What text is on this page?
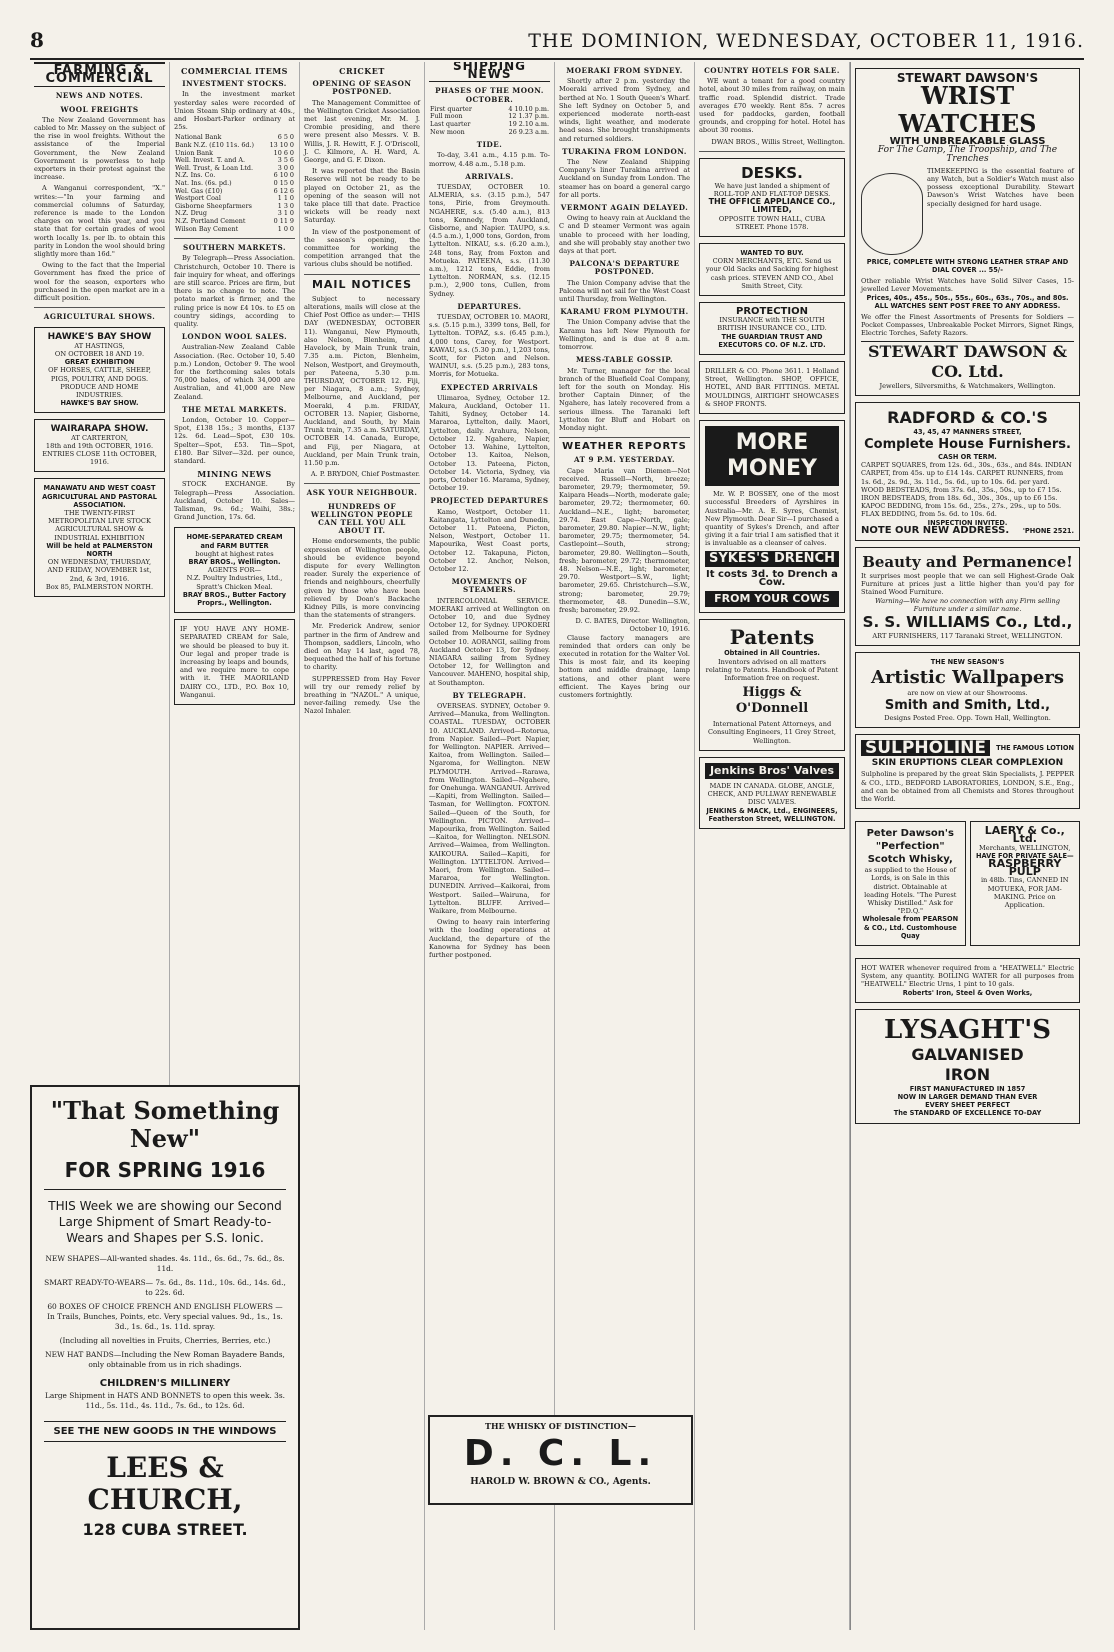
8	THE DOMINION, WEDNESDAY, OCTOBER 11, 1916.
FARMING & COMMERCIAL
NEWS AND NOTES.
WOOL FREIGHTS

The New Zealand Government has cabled to Mr. Massey on the subject of the rise in wool freights. Without the assistance of the Imperial Government, the New Zealand Government is powerless to help exporters in their protest against the increase.

A Wanganui correspondent, "X." writes:—"In your farming and commercial columns of Saturday, reference is made to the London charges on wool this year, and you state that for certain grades of wool worth locally 1s. per lb. to obtain this parity in London the wool should bring slightly more than 16d."

Owing to the fact that the Imperial Government has fixed the price of wool for the season, exporters who purchased in the open market are in a difficult position.

AGRICULTURAL SHOWS.
HAWKE'S BAY SHOW
AT HASTINGS,
ON OCTOBER 18 AND 19.
GREAT EXHIBITION
OF HORSES, CATTLE, SHEEP, PIGS, POULTRY, AND DOGS.
PRODUCE AND HOME INDUSTRIES.
HAWKE'S BAY SHOW.
WAIRARAPA SHOW.
AT CARTERTON,
18th and 19th OCTOBER, 1916.
ENTRIES CLOSE 11th OCTOBER, 1916.
MANAWATU AND WEST COAST AGRICULTURAL AND PASTORAL ASSOCIATION.
THE TWENTY-FIRST METROPOLITAN LIVE STOCK AGRICULTURAL SHOW & INDUSTRIAL EXHIBITION
Will be held at PALMERSTON NORTH
ON WEDNESDAY, THURSDAY, AND FRIDAY, NOVEMBER 1st, 2nd, & 3rd, 1916.
Box 85, PALMERSTON NORTH.
COMMERCIAL ITEMS
INVESTMENT STOCKS.

In the investment market yesterday sales were recorded of Union Steam Ship ordinary at 40s., and Hosbart-Parker ordinary at 25s.

National Bank	6 5 0
Bank N.Z. (£10 11s. 6d.)	13 10 0
Union Bank	10 6 0
Well. Invest. T. and A.	3 5 6
Well. Trust, & Loan Ltd.	3 0 0
N.Z. Ins. Co.	6 10 0
Nat. Ins. (6s. pd.)	0 15 0
Wel. Gas (£10)	6 12 6
Westport Coal	1 1 0
Gisborne Sheepfarmers	1 3 0
N.Z. Drug	3 1 0
N.Z. Portland Cement	0 11 9
Wilson Bay Cement	1 0 0
SOUTHERN MARKETS.

By Telegraph—Press Association. Christchurch, October 10. There is fair inquiry for wheat, and offerings are still scarce. Prices are firm, but there is no change to note. The potato market is firmer, and the ruling price is now £4 10s. to £5 on country sidings, according to quality.

LONDON WOOL SALES.

Australian-New Zealand Cable Association. (Rec. October 10, 5.40 p.m.) London, October 9. The wool for the forthcoming sales totals 76,000 bales, of which 34,000 are Australian, and 41,000 are New Zealand.

THE METAL MARKETS.

London, October 10. Copper—Spot, £138 15s.; 3 months, £137 12s. 6d. Lead—Spot, £30 10s. Spelter—Spot, £53. Tin—Spot, £180. Bar Silver—32d. per ounce, standard.

MINING NEWS

STOCK EXCHANGE. By Telegraph—Press Association. Auckland, October 10. Sales—Talisman, 9s. 6d.; Waihi, 38s.; Grand Junction, 17s. 6d.

HOME-SEPARATED CREAM and FARM BUTTER
bought at highest rates
BRAY BROS., Wellington.
AGENTS FOR—
N.Z. Poultry Industries, Ltd., Spratt's Chicken Meal.
BRAY BROS., Butter Factory Proprs., Wellington.
IF YOU HAVE ANY HOME-SEPARATED CREAM for Sale, we should be pleased to buy it. Our legal and proper trade is increasing by leaps and bounds, and we require more to cope with it. THE MAORILAND DAIRY CO., LTD., P.O. Box 10, Wanganui.
"That Something New"
FOR SPRING 1916
THIS Week we are showing our Second Large Shipment of Smart Ready-to-Wears and Shapes per S.S. Ionic.
NEW SHAPES—All-wanted shades. 4s. 11d., 6s. 6d., 7s. 6d., 8s. 11d.
SMART READY-TO-WEARS— 7s. 6d., 8s. 11d., 10s. 6d., 14s. 6d., to 22s. 6d.
60 BOXES OF CHOICE FRENCH AND ENGLISH FLOWERS —In Trails, Bunches, Points, etc. Very special values. 9d., 1s., 1s. 3d., 1s. 6d., 1s. 11d. spray.
(Including all novelties in Fruits, Cherries, Berries, etc.)
NEW HAT BANDS—Including the New Roman Bayadere Bands, only obtainable from us in rich shadings.
CHILDREN'S MILLINERY
Large Shipment in HATS AND BONNETS to open this week. 3s. 11d., 5s. 11d., 4s. 11d., 7s. 6d., to 12s. 6d.
SEE THE NEW GOODS IN THE WINDOWS
LEES & CHURCH,
128 CUBA STREET.
CRICKET
OPENING OF SEASON POSTPONED.

The Management Committee of the Wellington Cricket Association met last evening, Mr. M. J. Crombie presiding, and there were present also Messrs. V. B. Willis, J. R. Hewitt, F. J. O'Driscoll, J. C. Kilmore, A. H. Ward, A. George, and G. F. Dixon.

It was reported that the Basin Reserve will not be ready to be played on October 21, as the opening of the season will not take place till that date. Practice wickets will be ready next Saturday.

In view of the postponement of the season's opening, the committee for working the competition arranged that the various clubs should be notified.

MAIL NOTICES

Subject to necessary alterations, mails will close at the Chief Post Office as under:— THIS DAY (WEDNESDAY, OCTOBER 11). Wanganui, New Plymouth, also Nelson, Blenheim, and Havelock, by Main Trunk train, 7.35 a.m. Picton, Blenheim, Nelson, Westport, and Greymouth, per Pateena, 5.30 p.m. THURSDAY, OCTOBER 12. Fiji, per Niagara, 8 a.m.; Sydney, Melbourne, and Auckland, per Moeraki, 4 p.m. FRIDAY, OCTOBER 13. Napier, Gisborne, Auckland, and South, by Main Trunk train, 7.35 a.m. SATURDAY, OCTOBER 14. Canada, Europe, and Fiji, per Niagara, at Auckland, per Main Trunk train, 11.50 p.m.

A. P. BRYDON, Chief Postmaster.
ASK YOUR NEIGHBOUR.
HUNDREDS OF WELLINGTON PEOPLE CAN TELL YOU ALL ABOUT IT.

Home endorsements, the public expression of Wellington people, should be evidence beyond dispute for every Wellington reader. Surely the experience of friends and neighbours, cheerfully given by those who have been relieved by Doan's Backache Kidney Pills, is more convincing than the statements of strangers.

Mr. Frederick Andrew, senior partner in the firm of Andrew and Thompson, saddlers, Lincoln, who died on May 14 last, aged 78, bequeathed the half of his fortune to charity.

SUPPRESSED from Hay Fever will try our remedy relief by breathing in "NAZOL." A unique, never-failing remedy. Use the Nazol Inhaler.

SHIPPING NEWS
PHASES OF THE MOON. OCTOBER.
First quarter	4 10.10 p.m.
Full moon	12 1.37 p.m.
Last quarter	19 2.10 a.m.
New moon	26 9.23 a.m.
TIDE.

To-day, 3.41 a.m., 4.15 p.m. To-morrow, 4.48 a.m., 5.18 p.m.

ARRIVALS.

TUESDAY, OCTOBER 10. ALMERIA, s.s. (3.15 p.m.), 547 tons, Pirie, from Greymouth. NGAHERE, s.s. (5.40 a.m.), 813 tons, Kennedy, from Auckland, Gisborne, and Napier. TAUPO, s.s. (4.5 a.m.), 1,000 tons, Gordon, from Lyttelton. NIKAU, s.s. (6.20 a.m.), 248 tons, Ray, from Foxton and Motueka. PATEENA, s.s. (11.30 a.m.), 1212 tons, Eddie, from Lyttelton. NORMAN, s.s. (12.15 p.m.), 2,900 tons, Cullen, from Sydney.

DEPARTURES.

TUESDAY, OCTOBER 10. MAORI, s.s. (5.15 p.m.), 3399 tons, Bell, for Lyttelton. TOPAZ, s.s. (6.45 p.m.), 4,000 tons, Carey, for Westport. KAWAU, s.s. (5.30 p.m.), 1,203 tons, Scott, for Picton and Nelson. WAINUI, s.s. (5.25 p.m.), 283 tons, Morris, for Motueka.

EXPECTED ARRIVALS

Ulimaroa, Sydney, October 12. Makura, Auckland, October 11. Tahiti, Sydney, October 14. Mararoa, Lyttelton, daily. Maori, Lyttelton, daily. Arahura, Nelson, October 12. Ngahere, Napier, October 13. Wahine, Lyttelton, October 13. Kaitoa, Nelson, October 13. Pateena, Picton, October 14. Victoria, Sydney, via ports, October 16. Marama, Sydney, October 19.

PROJECTED DEPARTURES

Kamo, Westport, October 11. Kaitangata, Lyttelton and Dunedin, October 11. Pateena, Picton, Nelson, Westport, October 11. Mapourika, West Coast ports, October 12. Takapuna, Picton, October 12. Anchor, Nelson, October 12.

MOVEMENTS OF STEAMERS.

INTERCOLONIAL SERVICE. MOERAKI arrived at Wellington on October 10, and due Sydney October 12, for Sydney. UPOKOERI sailed from Melbourne for Sydney October 10. AORANGI, sailing from Auckland October 13, for Sydney. NIAGARA sailing from Sydney October 12, for Wellington and Vancouver. MAHENO, hospital ship, at Southampton.

BY TELEGRAPH.

OVERSEAS. SYDNEY, October 9. Arrived—Manuka, from Wellington. COASTAL. TUESDAY, OCTOBER 10. AUCKLAND. Arrived—Rotorua, from Napier. Sailed—Port Napier, for Wellington. NAPIER. Arrived—Kaitoa, from Wellington. Sailed—Ngaroma, for Wellington. NEW PLYMOUTH. Arrived—Rarawa, from Wellington. Sailed—Ngahere, for Onehunga. WANGANUI. Arrived—Kapiti, from Wellington. Sailed—Tasman, for Wellington. FOXTON. Sailed—Queen of the South, for Wellington. PICTON. Arrived—Mapourika, from Wellington. Sailed—Kaitoa, for Wellington. NELSON. Arrived—Waimea, from Wellington. KAIKOURA. Sailed—Kapiti, for Wellington. LYTTELTON. Arrived—Maori, from Wellington. Sailed—Mararoa, for Wellington. DUNEDIN. Arrived—Kaikorai, from Westport. Sailed—Wairuna, for Lyttelton. BLUFF. Arrived—Waikare, from Melbourne.

Owing to heavy rain interfering with the loading operations at Auckland, the departure of the Kanowna for Sydney has been further postponed.

MOERAKI FROM SYDNEY.

Shortly after 2 p.m. yesterday the Moeraki arrived from Sydney, and berthed at No. 1 South Queen's Wharf. She left Sydney on October 5, and experienced moderate north-east winds, light weather, and moderate head seas. She brought transhipments and returned soldiers.

TURAKINA FROM LONDON.

The New Zealand Shipping Company's liner Turakina arrived at Auckland on Sunday from London. The steamer has on board a general cargo for all ports.

VERMONT AGAIN DELAYED.

Owing to heavy rain at Auckland the C and D steamer Vermont was again unable to proceed with her loading, and she will probably stay another two days at that port.

PALCONA'S DEPARTURE POSTPONED.

The Union Company advise that the Palcona will not sail for the West Coast until Thursday, from Wellington.

KARAMU FROM PLYMOUTH.

The Union Company advise that the Karamu has left New Plymouth for Wellington, and is due at 8 a.m. tomorrow.

MESS-TABLE GOSSIP.

Mr. Turner, manager for the local branch of the Bluefield Coal Company, left for the south on Monday. His brother Captain Dinner, of the Ngahere, has lately recovered from a serious illness. The Taranaki left Lyttelton for Bluff and Hobart on Monday night.

WEATHER REPORTS
AT 9 P.M. YESTERDAY.

Cape Maria van Diemen—Not received. Russell—North, breeze; barometer, 29.79; thermometer, 59. Kaipara Heads—North, moderate gale; barometer, 29.72; thermometer, 60. Auckland—N.E., light; barometer, 29.74. East Cape—North, gale; barometer, 29.80. Napier—N.W., light; barometer, 29.75; thermometer, 54. Castlepoint—South, strong; barometer, 29.80. Wellington—South, fresh; barometer, 29.72; thermometer, 48. Nelson—N.E., light; barometer, 29.70. Westport—S.W., light; barometer, 29.65. Christchurch—S.W., strong; barometer, 29.79; thermometer, 48. Dunedin—S.W., fresh; barometer, 29.92.

D. C. BATES, Director. Wellington, October 10, 1916.

Clause factory managers are reminded that orders can only be executed in rotation for the Walter Vol. This is most fair, and its keeping bottom and middle drainage, lamp stations, and other plant were efficient. The Kayes bring our customers fortnightly.

THE WHISKY OF DISTINCTION—
D. C. L.
HAROLD W. BROWN & CO., Agents.
COUNTRY HOTELS FOR SALE.

WE want a tenant for a good country hotel, about 30 miles from railway, on main traffic road. Splendid district. Trade averages £70 weekly. Rent 85s. 7 acres used for paddocks, garden, football grounds, and cropping for hotel. Hotel has about 30 rooms.

DWAN BROS., Willis Street, Wellington.
DESKS.
We have just landed a shipment of ROLL-TOP AND FLAT-TOP DESKS.
THE OFFICE APPLIANCE CO., LIMITED,
OPPOSITE TOWN HALL, CUBA STREET. Phone 1578.
WANTED TO BUY.
CORN MERCHANTS, ETC. Send us your Old Sacks and Sacking for highest cash prices. STEVEN AND CO., Abel Smith Street, City.
PROTECTION
INSURANCE with THE SOUTH BRITISH INSURANCE CO., LTD.
THE GUARDIAN TRUST AND EXECUTORS CO. OF N.Z. LTD.
DRILLER & CO. Phone 3611. 1 Holland Street, Wellington. SHOP, OFFICE, HOTEL, AND BAR FITTINGS. METAL MOULDINGS, AIRTIGHT SHOWCASES & SHOP FRONTS.
MORE MONEY

Mr. W. P. BOSSEY, one of the most successful Breeders of Ayrshires in Australia—Mr. A. E. Syres, Chemist, New Plymouth. Dear Sir—I purchased a quantity of Sykes's Drench, and after giving it a fair trial I am satisfied that it is invaluable as a cleanser of calves.

SYKES'S DRENCH
It costs 3d. to Drench a Cow.
FROM YOUR COWS
Patents
Obtained in All Countries.
Inventors advised on all matters relating to Patents. Handbook of Patent Information free on request.
Higgs & O'Donnell
International Patent Attorneys, and Consulting Engineers, 11 Grey Street, Wellington.
Jenkins Bros' Valves
MADE IN CANADA. GLOBE, ANGLE, CHECK, AND PULLWAY RENEWABLE DISC VALVES.
JENKINS & MACK, Ltd., ENGINEERS, Featherston Street, WELLINGTON.
STEWART DAWSON'S
WRIST WATCHES
WITH UNBREAKABLE GLASS
For The Camp, The Troopship, and The Trenches
TIMEKEEPING is the essential feature of any Watch, but a Soldier's Watch must also possess exceptional Durability. Stewart Dawson's Wrist Watches have been specially designed for hard usage.
PRICE, COMPLETE WITH STRONG LEATHER STRAP AND DIAL COVER ... 55/-
Other reliable Wrist Watches have Solid Silver Cases, 15-jewelled Lever Movements.
Prices, 40s., 45s., 50s., 55s., 60s., 63s., 70s., and 80s.
ALL WATCHES SENT POST FREE TO ANY ADDRESS.
We offer the Finest Assortments of Presents for Soldiers — Pocket Compasses, Unbreakable Pocket Mirrors, Signet Rings, Electric Torches, Safety Razors.
STEWART DAWSON & CO. Ltd.
Jewellers, Silversmiths, & Watchmakers, Wellington.
RADFORD & CO.'S
43, 45, 47 MANNERS STREET,
Complete House Furnishers.
CASH OR TERM.
CARPET SQUARES, from 12s. 6d., 30s., 63s., and 84s. INDIAN CARPET, from 45s. up to £14 14s. CARPET RUNNERS, from 1s. 6d., 2s. 9d., 3s. 11d., 5s. 6d., up to 10s. 6d. per yard. WOOD BEDSTEADS, from 37s. 6d., 35s., 50s., up to £7 15s. IRON BEDSTEADS, from 18s. 6d., 30s., 30s., up to £6 15s. KAPOC BEDDING, from 15s. 6d., 25s., 27s., 29s., up to 50s. FLAX BEDDING, from 5s. 6d. to 10s. 6d.
INSPECTION INVITED.
NOTE OUR NEW ADDRESS. 'PHONE 2521.
Beauty and Permanence!
It surprises most people that we can sell Highest-Grade Oak Furniture at prices just a little higher than you'd pay for Stained Wood Furniture.
Warning—We have no connection with any Firm selling Furniture under a similar name.
S. S. WILLIAMS Co., Ltd.,
ART FURNISHERS, 117 Taranaki Street, WELLINGTON.
THE NEW SEASON'S
Artistic Wallpapers
are now on view at our Showrooms.
Smith and Smith, Ltd.,
Designs Posted Free. Opp. Town Hall, Wellington.
SULPHOLINE	THE FAMOUS LOTION
SKIN ERUPTIONS CLEAR COMPLEXION
Sulpholine is prepared by the great Skin Specialists, J. PEPPER & CO., LTD., BEDFORD LABORATORIES, LONDON, S.E., Eng., and can be obtained from all Chemists and Stores throughout the World.
Peter Dawson's "Perfection" Scotch Whisky,
as supplied to the House of Lords, is on Sale in this district. Obtainable at leading Hotels. "The Purest Whisky Distilled." Ask for "P.D.Q."
Wholesale from PEARSON & CO., Ltd. Customhouse Quay
LAERY & Co., Ltd.
Merchants, WELLINGTON,
HAVE FOR PRIVATE SALE—
RASPBERRY PULP
in 48lb. Tins, CANNED IN MOTUEKA, FOR JAM-MAKING. Price on Application.
HOT WATER whenever required from a "HEATWELL" Electric System, any quantity. BOILING WATER for all purposes from "HEATWELL" Electric Urns, 1 pint to 10 gals.
Roberts' Iron, Steel & Oven Works,
LYSAGHT'S
GALVANISED
IRON
FIRST MANUFACTURED IN 1857
NOW IN LARGER DEMAND THAN EVER
EVERY SHEET PERFECT
The STANDARD OF EXCELLENCE TO-DAY
